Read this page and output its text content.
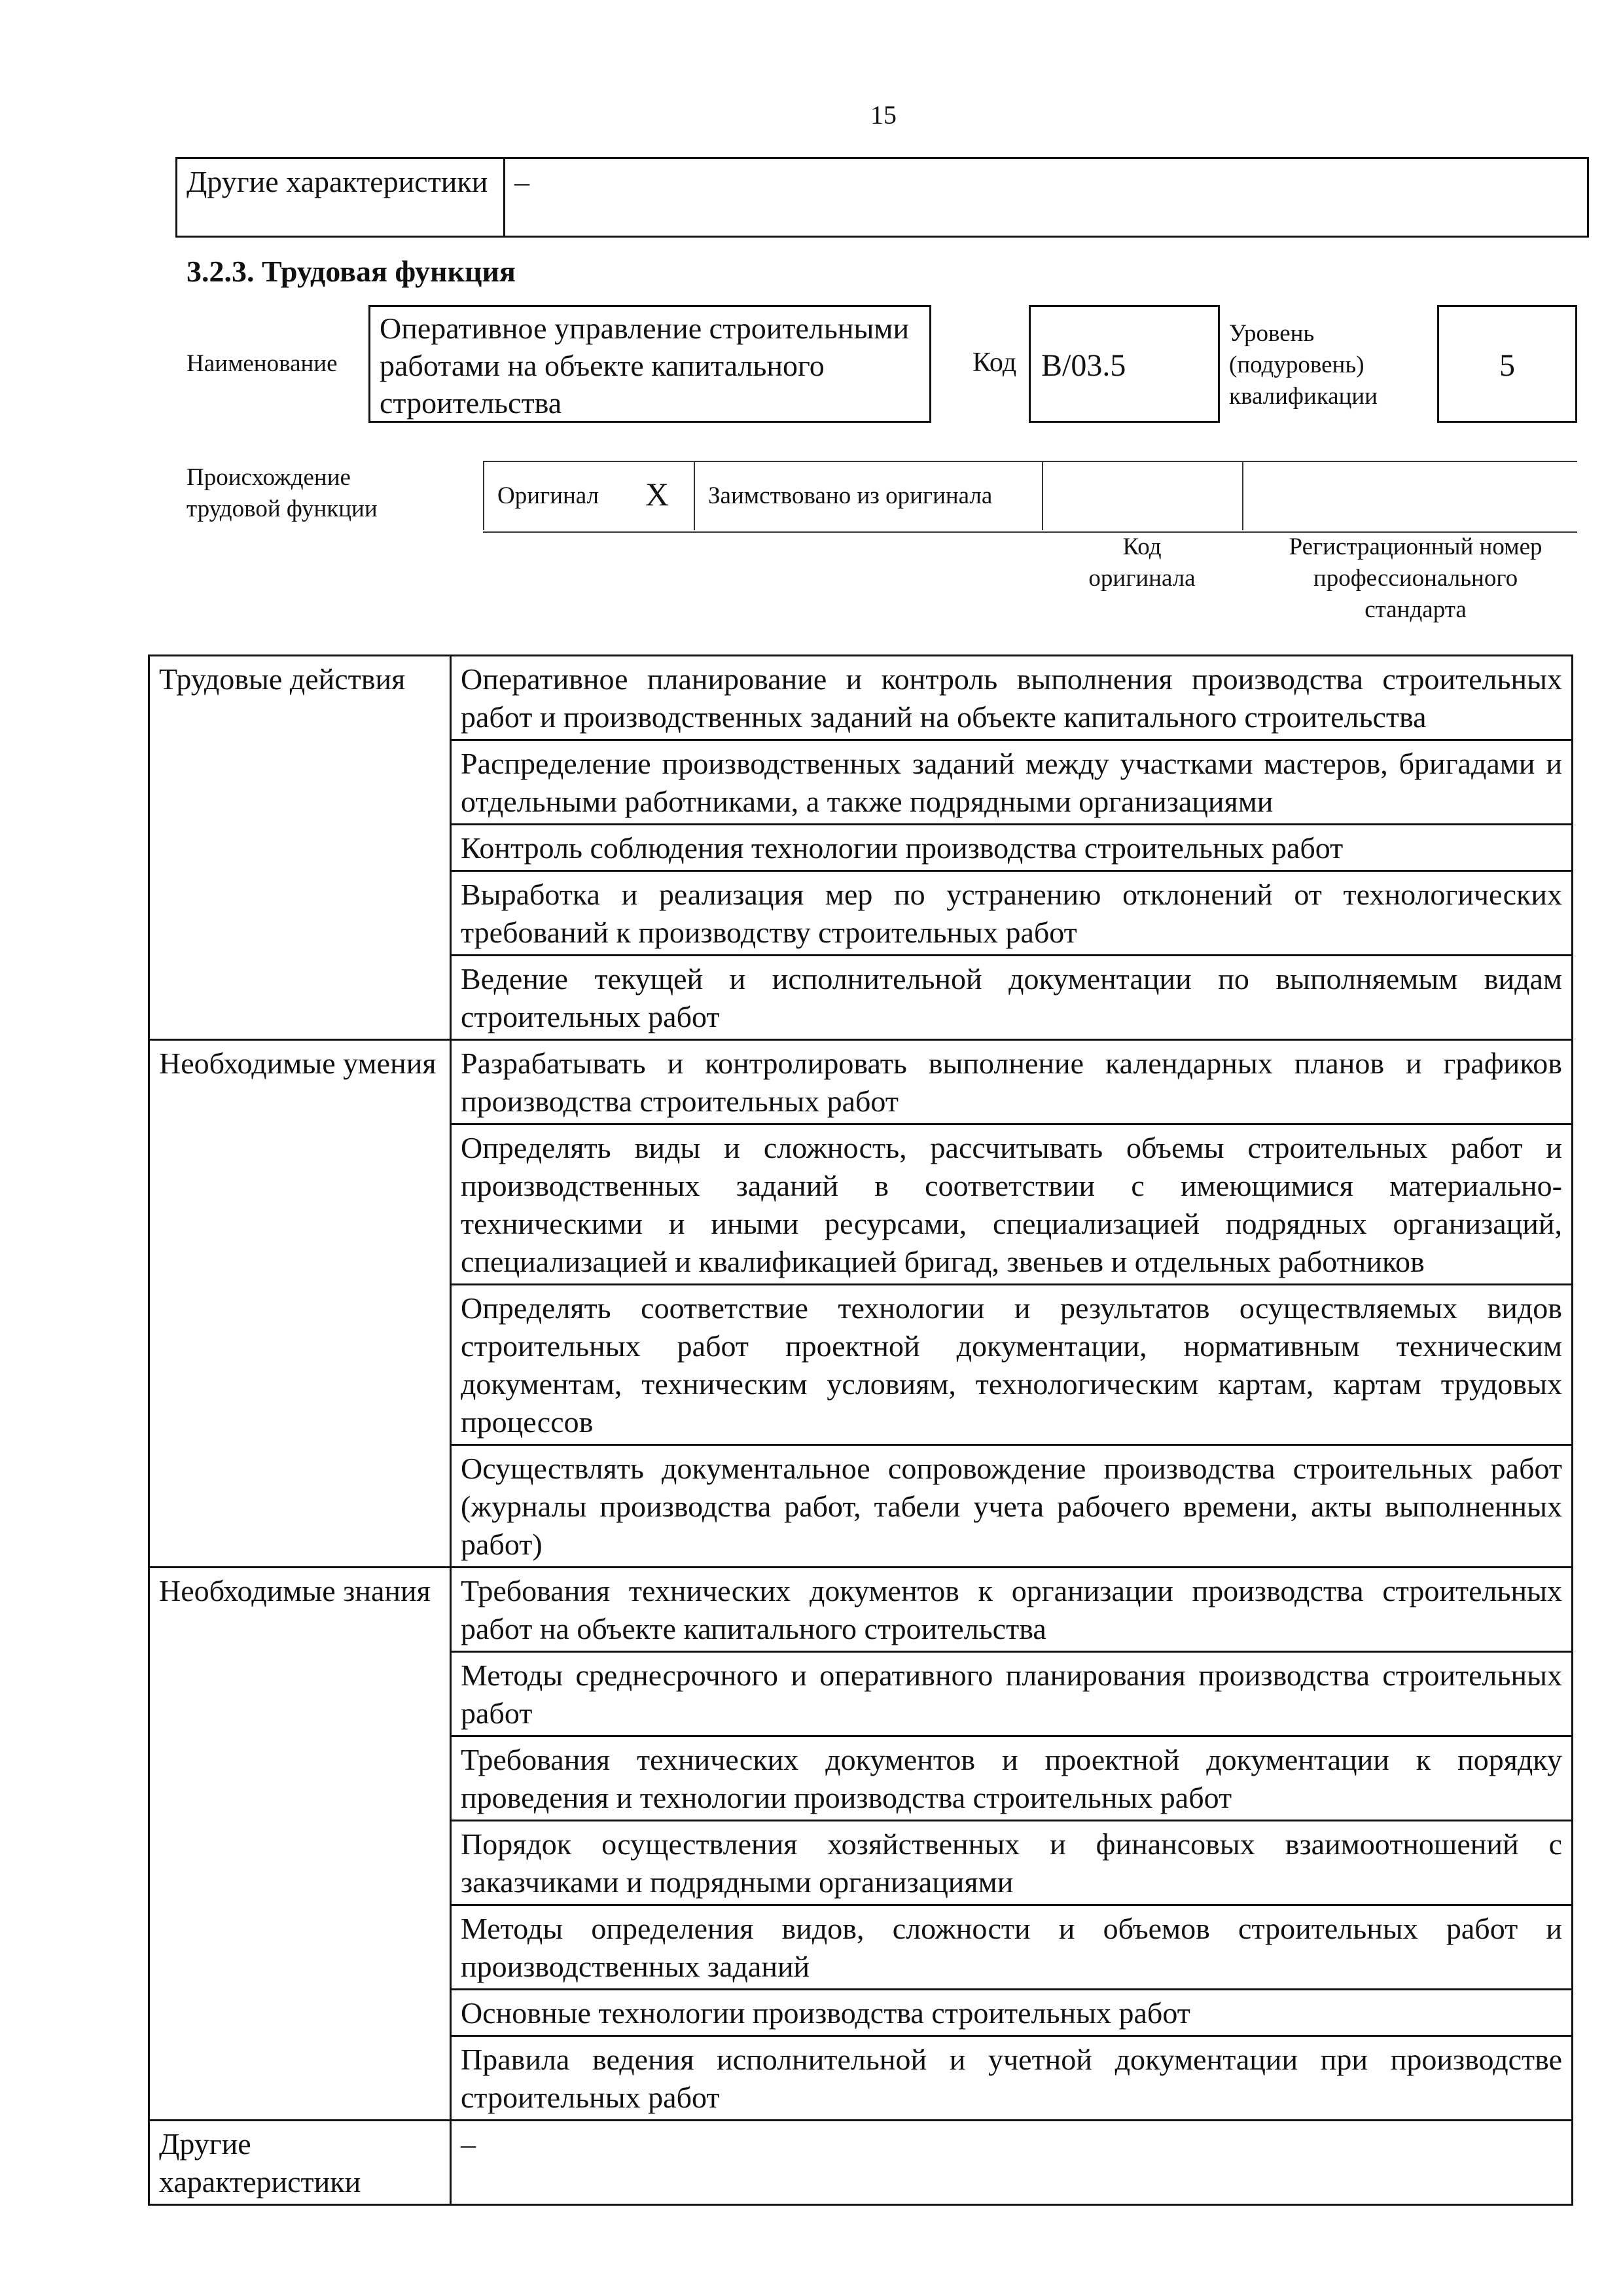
15
Другие характеристики	–
3.2.3. Трудовая функция
Наименование
Оперативное управление строительными работами на объекте капитального строительства
Код B/03.5
Уровень (подуровень) квалификации
5
Происхождение трудовой функции	Оригинал X Заимствовано из оригинала
Код оригинала
Регистрационный номер профессионального стандарта
Трудовые действия	Оперативное планирование и контроль выполнения производства строительных работ и производственных заданий на объекте капитального строительства
	Распределение производственных заданий между участками мастеров, бригадами и отдельными работниками, а также подрядными организациями
	Контроль соблюдения технологии производства строительных работ
	Выработка и реализация мер по устранению отклонений от технологических требований к производству строительных работ
	Ведение текущей и исполнительной документации по выполняемым видам строительных работ
Необходимые умения	Разрабатывать и контролировать выполнение календарных планов и графиков производства строительных работ
	Определять виды и сложность, рассчитывать объемы строительных работ и производственных заданий в соответствии с имеющимися материально-техническими и иными ресурсами, специализацией подрядных организаций, специализацией и квалификацией бригад, звеньев и отдельных работников
	Определять соответствие технологии и результатов осуществляемых видов строительных работ проектной документации, нормативным техническим документам, техническим условиям, технологическим картам, картам трудовых процессов
	Осуществлять документальное сопровождение производства строительных работ (журналы производства работ, табели учета рабочего времени, акты выполненных работ)
Необходимые знания	Требования технических документов к организации производства строительных работ на объекте капитального строительства
	Методы среднесрочного и оперативного планирования производства строительных работ
	Требования технических документов и проектной документации к порядку проведения и технологии производства строительных работ
	Порядок осуществления хозяйственных и финансовых взаимоотношений с заказчиками и подрядными организациями
	Методы определения видов, сложности и объемов строительных работ и производственных заданий
	Основные технологии производства строительных работ
	Правила ведения исполнительной и учетной документации при производстве строительных работ
Другие характеристики	–
